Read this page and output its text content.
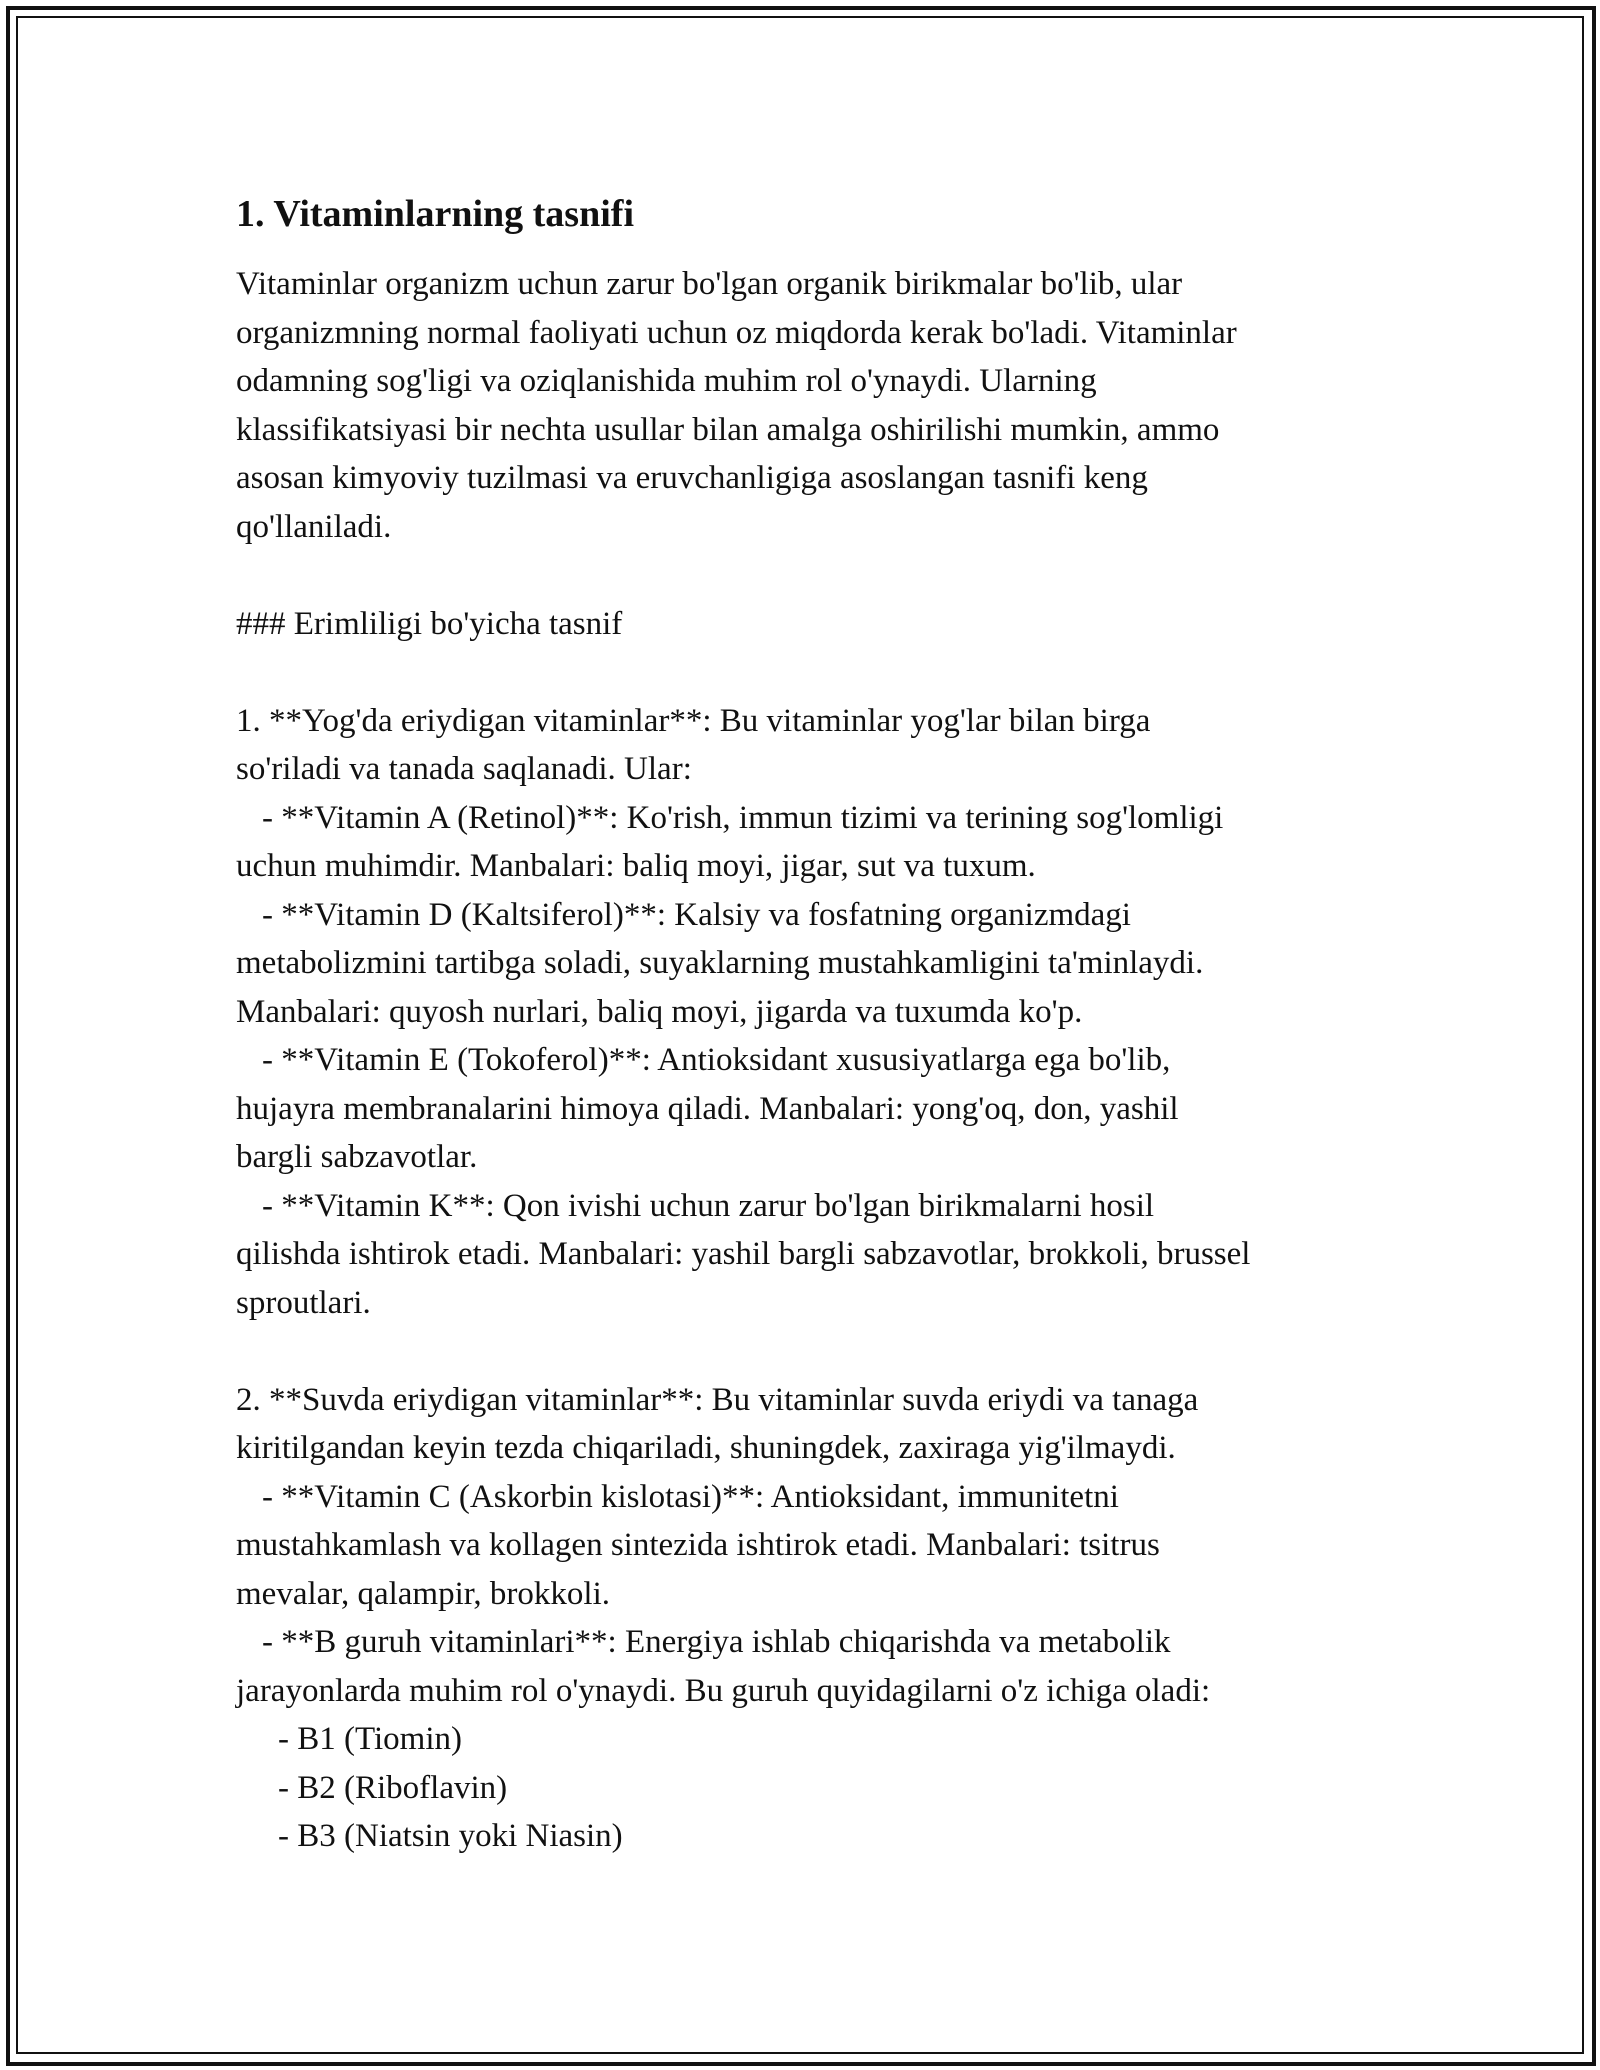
1. Vitaminlarning tasnifi

Vitaminlar organizm uchun zarur bo'lgan organik birikmalar bo'lib, ular

organizmning normal faoliyati uchun oz miqdorda kerak bo'ladi. Vitaminlar

odamning sog'ligi va oziqlanishida muhim rol o'ynaydi. Ularning

klassifikatsiyasi bir nechta usullar bilan amalga oshirilishi mumkin, ammo

asosan kimyoviy tuzilmasi va eruvchanligiga asoslangan tasnifi keng

qo'llaniladi.

### Erimliligi bo'yicha tasnif

1. **Yog'da eriydigan vitaminlar**: Bu vitaminlar yog'lar bilan birga

so'riladi va tanada saqlanadi. Ular:

- **Vitamin A (Retinol)**: Ko'rish, immun tizimi va terining sog'lomligi

uchun muhimdir. Manbalari: baliq moyi, jigar, sut va tuxum.

- **Vitamin D (Kaltsiferol)**: Kalsiy va fosfatning organizmdagi

metabolizmini tartibga soladi, suyaklarning mustahkamligini ta'minlaydi.

Manbalari: quyosh nurlari, baliq moyi, jigarda va tuxumda ko'p.

- **Vitamin E (Tokoferol)**: Antioksidant xususiyatlarga ega bo'lib,

hujayra membranalarini himoya qiladi. Manbalari: yong'oq, don, yashil

bargli sabzavotlar.

- **Vitamin K**: Qon ivishi uchun zarur bo'lgan birikmalarni hosil

qilishda ishtirok etadi. Manbalari: yashil bargli sabzavotlar, brokkoli, brussel

sproutlari.

2. **Suvda eriydigan vitaminlar**: Bu vitaminlar suvda eriydi va tanaga

kiritilgandan keyin tezda chiqariladi, shuningdek, zaxiraga yig'ilmaydi.

- **Vitamin C (Askorbin kislotasi)**: Antioksidant, immunitetni

mustahkamlash va kollagen sintezida ishtirok etadi. Manbalari: tsitrus

mevalar, qalampir, brokkoli.

- **B guruh vitaminlari**: Energiya ishlab chiqarishda va metabolik

jarayonlarda muhim rol o'ynaydi. Bu guruh quyidagilarni o'z ichiga oladi:

- B1 (Tiomin)

- B2 (Riboflavin)

- B3 (Niatsin yoki Niasin)
